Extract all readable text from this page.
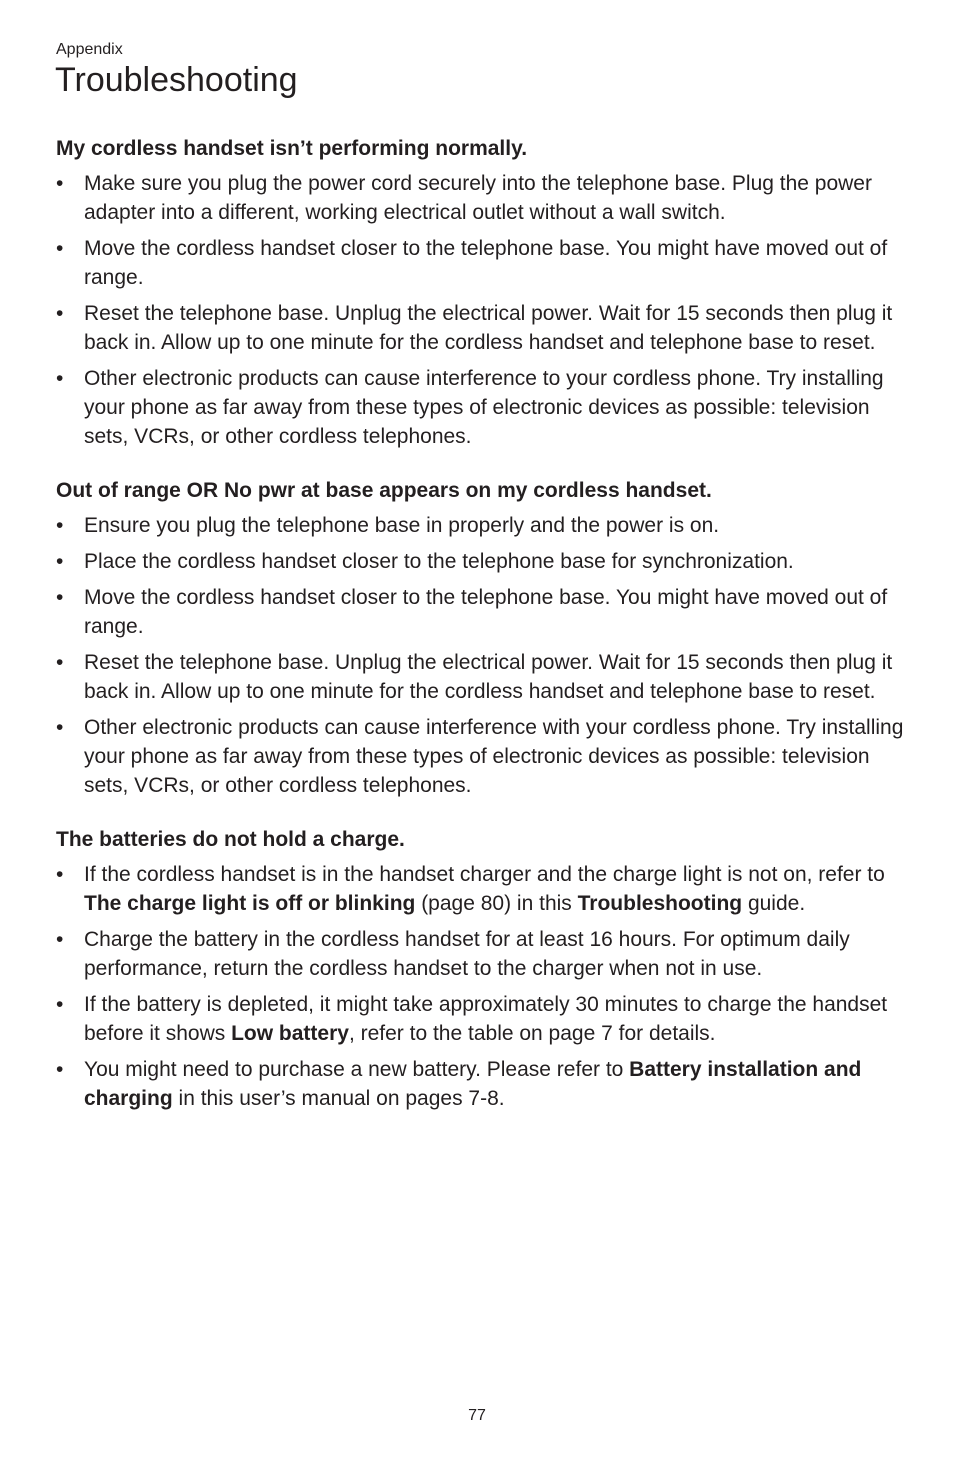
Appendix
Troubleshooting

My cordless handset isn’t performing normally.

• Make sure you plug the power cord securely into the telephone base. Plug the power adapter into a different, working electrical outlet without a wall switch.
• Move the cordless handset closer to the telephone base. You might have moved out of range.
• Reset the telephone base. Unplug the electrical power. Wait for 15 seconds then plug it back in. Allow up to one minute for the cordless handset and telephone base to reset.
• Other electronic products can cause interference to your cordless phone. Try installing your phone as far away from these types of electronic devices as possible: television sets, VCRs, or other cordless telephones.

Out of range OR No pwr at base appears on my cordless handset.

• Ensure you plug the telephone base in properly and the power is on.
• Place the cordless handset closer to the telephone base for synchronization.
• Move the cordless handset closer to the telephone base. You might have moved out of range.
• Reset the telephone base. Unplug the electrical power. Wait for 15 seconds then plug it back in. Allow up to one minute for the cordless handset and telephone base to reset.
• Other electronic products can cause interference with your cordless phone. Try installing your phone as far away from these types of electronic devices as possible: television sets, VCRs, or other cordless telephones.

The batteries do not hold a charge.

• If the cordless handset is in the handset charger and the charge light is not on, refer to The charge light is off or blinking (page 80) in this Troubleshooting guide.
• Charge the battery in the cordless handset for at least 16 hours. For optimum daily performance, return the cordless handset to the charger when not in use.
• If the battery is depleted, it might take approximately 30 minutes to charge the handset before it shows Low battery, refer to the table on page 7 for details.
• You might need to purchase a new battery. Please refer to Battery installation and charging in this user’s manual on pages 7-8.
77
